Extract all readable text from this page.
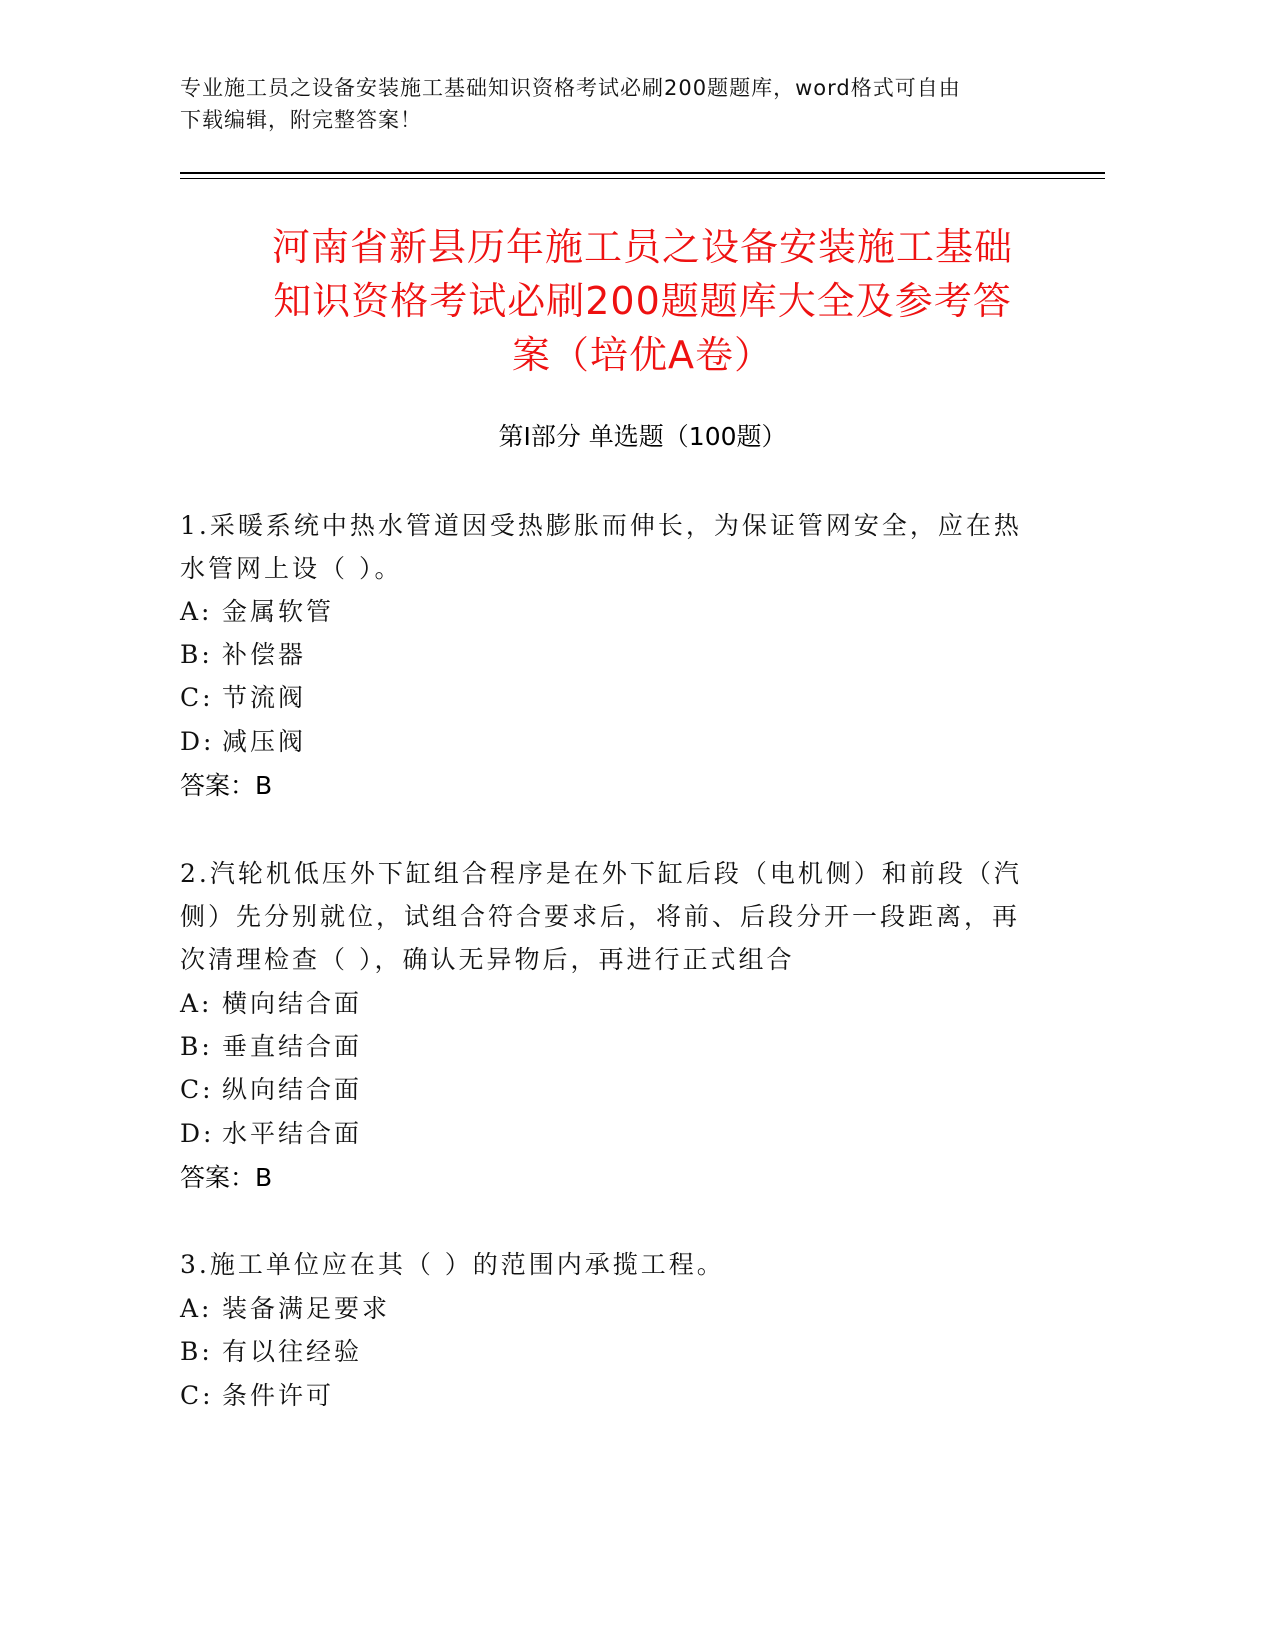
专业施工员之设备安装施工基础知识资格考试必刷200题题库，word格式可自由
下载编辑，附完整答案！
河南省新县历年施工员之设备安装施工基础
知识资格考试必刷200题题库大全及参考答
案（培优A卷）
第Ⅰ部分 单选题（100题）
1.采暖系统中热水管道因受热膨胀而伸长，为保证管网安全，应在热
水管网上设（ ）。
A: 金属软管
B: 补偿器
C: 节流阀
D: 减压阀
答案：B
2.汽轮机低压外下缸组合程序是在外下缸后段（电机侧）和前段（汽
侧）先分别就位，试组合符合要求后，将前、后段分开一段距离，再
次清理检查（ ），确认无异物后，再进行正式组合
A: 横向结合面
B: 垂直结合面
C: 纵向结合面
D: 水平结合面
答案：B
3.施工单位应在其（ ）的范围内承揽工程。
A: 装备满足要求
B: 有以往经验
C: 条件许可
